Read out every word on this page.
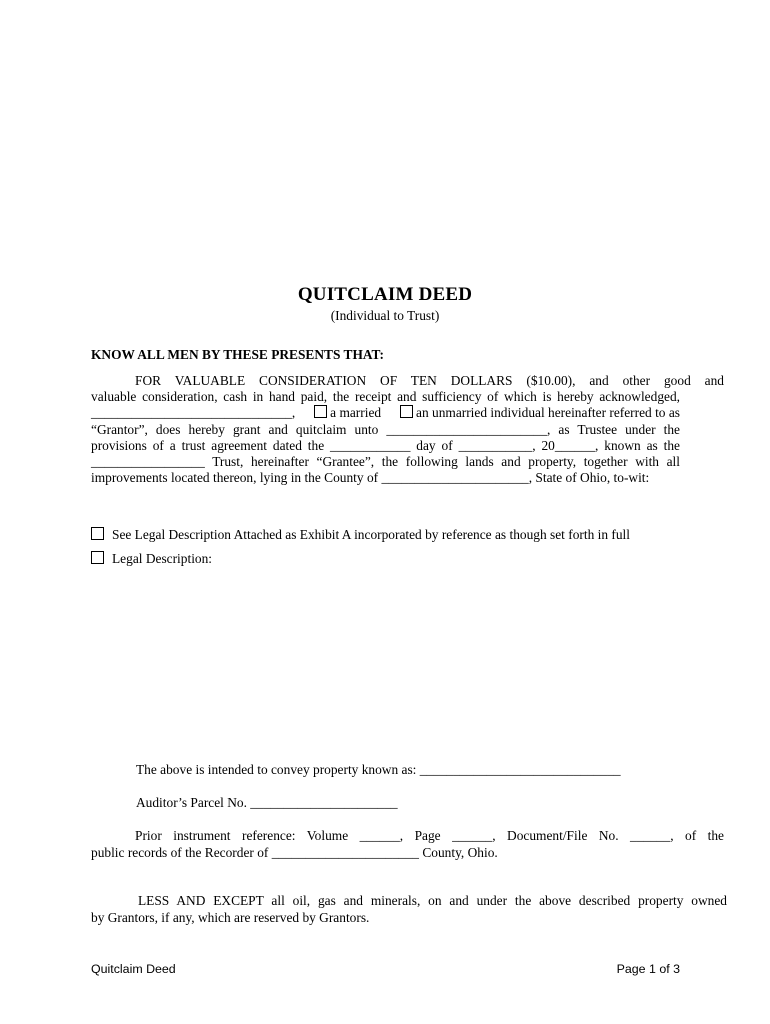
QUITCLAIM DEED
(Individual to Trust)
KNOW ALL MEN BY THESE PRESENTS THAT:
FOR VALUABLE CONSIDERATION OF TEN DOLLARS ($10.00), and other good and
valuable consideration, cash in hand paid, the receipt and sufficiency of which is hereby acknowledged,
______________________________,	a married	an unmarried individual hereinafter referred to as
“Grantor”, does hereby grant and quitclaim unto ________________________, as Trustee under the
provisions of a trust agreement dated the ____________ day of ___________, 20______, known as the
_________________ Trust, hereinafter “Grantee”, the following lands and property, together with all
improvements located thereon, lying in the County of ______________________, State of Ohio, to-wit:
See Legal Description Attached as Exhibit A incorporated by reference as though set forth in full
Legal Description:
The above is intended to convey property known as: ______________________________
Auditor’s Parcel No. ______________________
Prior instrument reference: Volume ______, Page ______, Document/File No. ______, of the
public records of the Recorder of ______________________ County, Ohio.
LESS AND EXCEPT all oil, gas and minerals, on and under the above described property owned
by Grantors, if any, which are reserved by Grantors.
Quitclaim Deed	Page 1 of 3
